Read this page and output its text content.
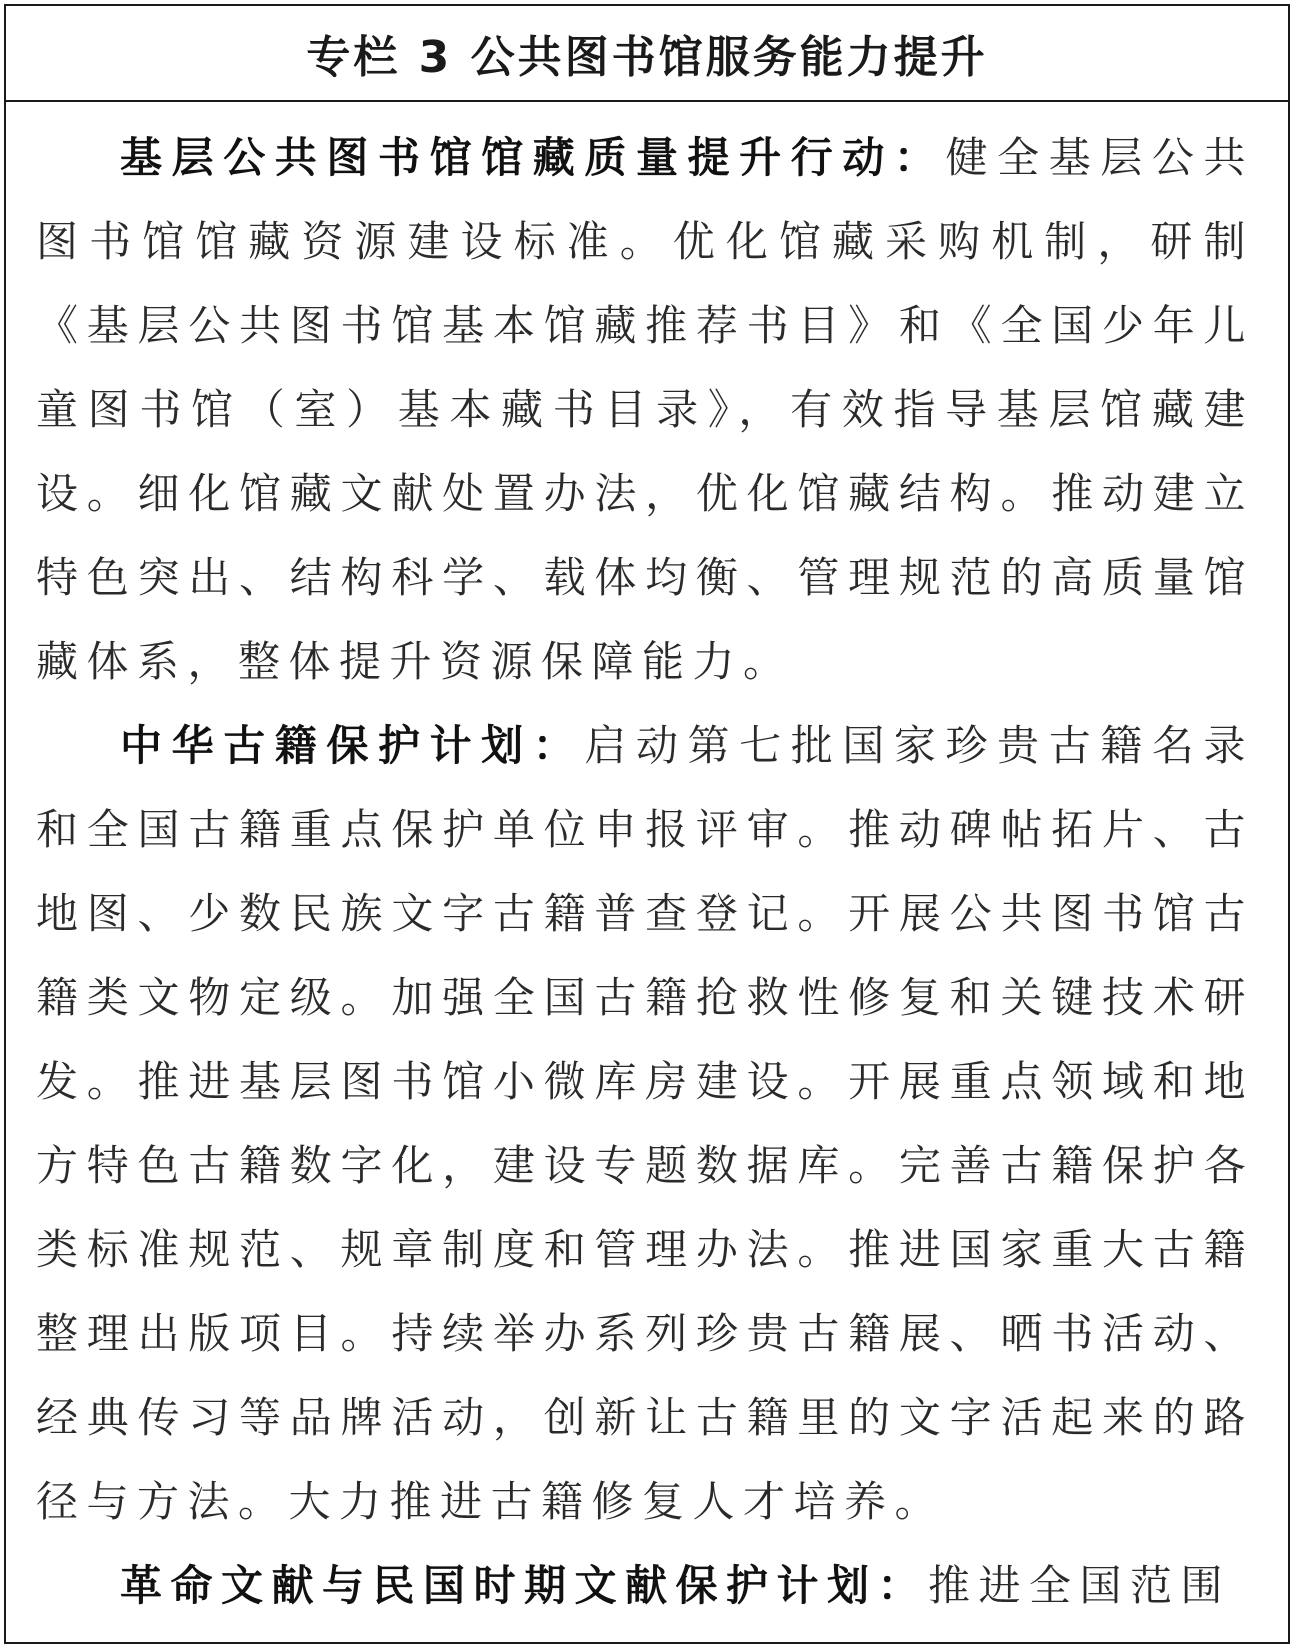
专栏 3 公共图书馆服务能力提升

基层公共图书馆馆藏质量提升行动：健全基层公共图书馆馆藏资源建设标准。优化馆藏采购机制，研制《基层公共图书馆基本馆藏推荐书目》和《全国少年儿童图书馆（室）基本藏书目录》，有效指导基层馆藏建设。细化馆藏文献处置办法，优化馆藏结构。推动建立特色突出、结构科学、载体均衡、管理规范的高质量馆藏体系，整体提升资源保障能力。

中华古籍保护计划：启动第七批国家珍贵古籍名录和全国古籍重点保护单位申报评审。推动碑帖拓片、古地图、少数民族文字古籍普查登记。开展公共图书馆古籍类文物定级。加强全国古籍抢救性修复和关键技术研发。推进基层图书馆小微库房建设。开展重点领域和地方特色古籍数字化，建设专题数据库。完善古籍保护各类标准规范、规章制度和管理办法。推进国家重大古籍整理出版项目。持续举办系列珍贵古籍展、晒书活动、经典传习等品牌活动，创新让古籍里的文字活起来的路径与方法。大力推进古籍修复人才培养。

革命文献与民国时期文献保护计划：推进全国范围
